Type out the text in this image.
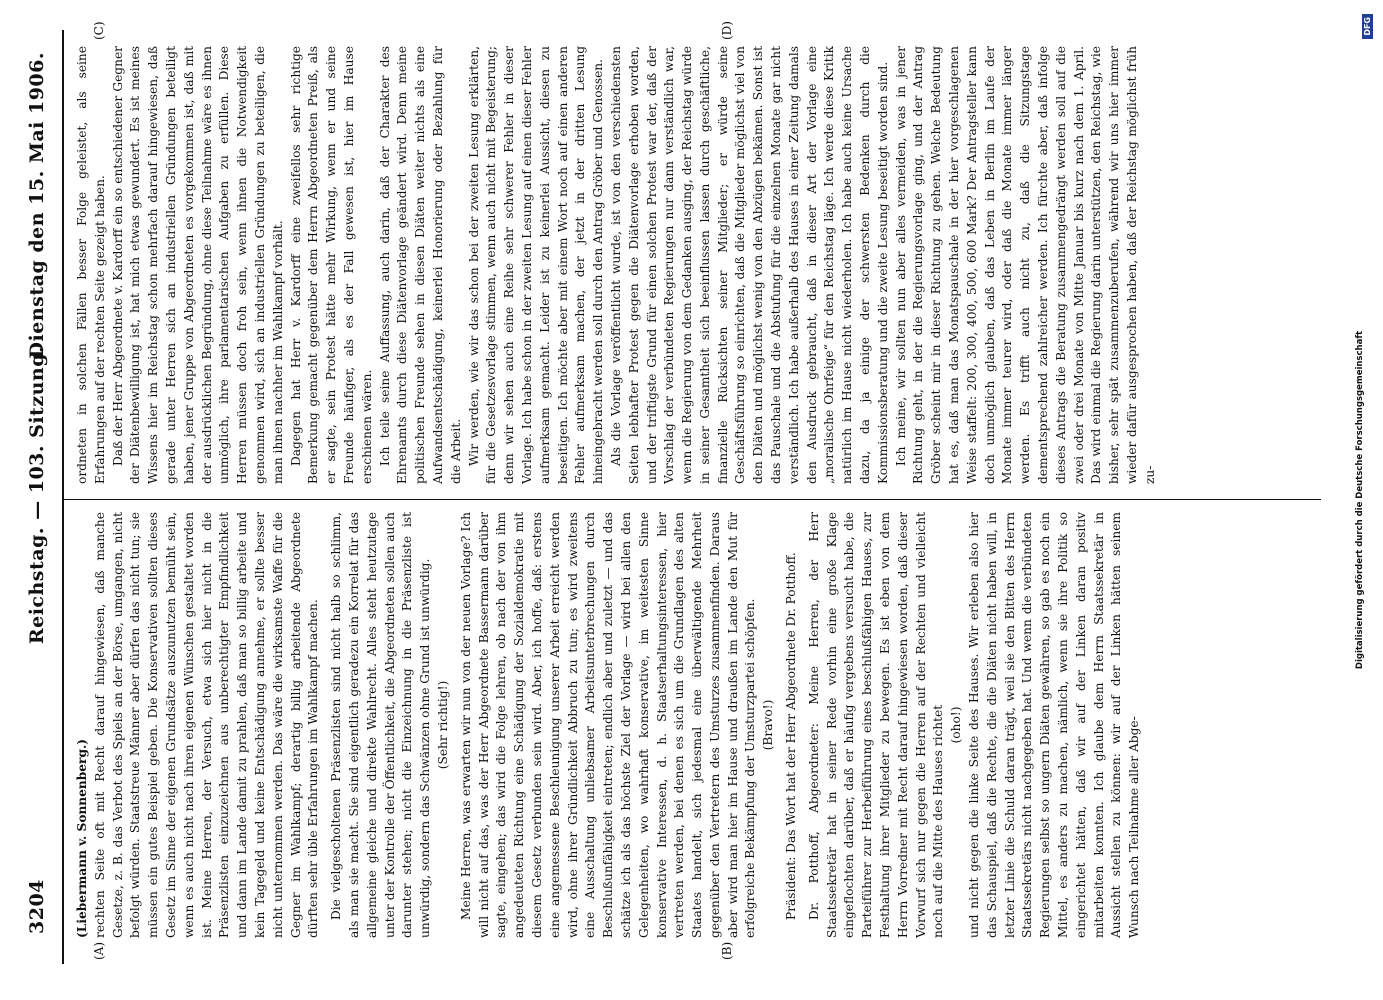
3204
Reichstag. — 103. Sitzung.
Dienstag den 15. Mai 1906.
(A)	(B)
(C)	(D)

(Liebermann v. Sonnenberg.) rechten Seite oft mit Recht darauf hingewiesen, daß manche Gesetze, z. B. das Verbot des Spiels an der Börse, umgangen, nicht befolgt würden. Staatstreue Männer aber dürfen das nicht tun; sie müssen ein gutes Beispiel geben. Die Konservativen sollten dieses Gesetz im Sinne der eigenen Grundsätze auszunutzen bemüht sein, wenn es auch nicht nach ihren eigenen Wünschen gestaltet worden ist. Meine Herren, der Versuch, etwa sich hier nicht in die Präsenzlisten einzuzeichnen aus unberechtigter Empfindlichkeit und dann im Lande damit zu prahlen, daß man so billig arbeite und kein Tagegeld und keine Entschädigung annehme, er sollte besser nicht unternommen werden. Das wäre die wirksamste Waffe für die Gegner im Wahlkampf; derartig billig arbeitende Abgeordnete dürften sehr üble Erfahrungen im Wahlkampf machen. Die vielgescholtenen Präsenzlisten sind nicht halb so schlimm, als man sie macht. Sie sind eigentlich geradezu ein Korrelat für das allgemeine gleiche und direkte Wahlrecht. Alles steht heutzutage unter der Kontrolle der Öffentlichkeit, die Abgeordneten sollen auch darunter stehen; nicht die Einzeichnung in die Präsenzliste ist unwürdig, sondern das Schwänzen ohne Grund ist unwürdig. (Sehr richtig!) Meine Herren, was erwarten wir nun von der neuen Vorlage? Ich will nicht auf das, was der Herr Abgeordnete Bassermann darüber sagte, eingehen; das wird die Folge lehren, ob nach der von ihm angedeuteten Richtung eine Schädigung der Sozialdemokratie mit diesem Gesetz verbunden sein wird. Aber, ich hoffe, daß: erstens eine angemessene Beschleunigung unserer Arbeit erreicht werden wird, ohne ihrer Gründlichkeit Abbruch zu tun; es wird zweitens eine Ausschaltung unliebsamer Arbeitsunterbrechungen durch Beschlußunfähigkeit eintreten; endlich aber und zuletzt — und das schätze ich als das höchste Ziel der Vorlage — wird bei allen den Gelegenheiten, wo wahrhaft konservative, im weitesten Sinne konservative Interessen, d. h. Staatserhaltungsinteressen, hier vertreten werden, bei denen es sich um die Grundlagen des alten Staates handelt, sich jedesmal eine überwältigende Mehrheit gegenüber den Vertretern des Umsturzes zusammenfinden. Daraus aber wird man hier im Hause und draußen im Lande den Mut für erfolgreiche Bekämpfung der Umsturzpartei schöpfen. (Bravo!) Präsident: Das Wort hat der Herr Abgeordnete Dr. Potthoff. Dr. Potthoff, Abgeordneter: Meine Herren, der Herr Staatssekretär hat in seiner Rede vorhin eine große Klage eingeflochten darüber, daß er häufig vergebens versucht habe, die Parteiführer zur Herbeiführung eines beschlußfähigen Hauses, zur Festhaltung ihrer Mitglieder zu bewegen. Es ist eben von dem Herrn Vorredner mit Recht darauf hingewiesen worden, daß dieser Vorwurf sich nur gegen die Herren auf der Rechten und vielleicht noch auf die Mitte des Hauses richtet (oho!) und nicht gegen die linke Seite des Hauses. Wir erleben also hier das Schauspiel, daß die Rechte, die die Diäten nicht haben will, in letzter Linie die Schuld daran trägt, weil sie den Bitten des Herrn Staatssekretärs nicht nachgegeben hat. Und wenn die verbündeten Regierungen selbst so ungern Diäten gewähren, so gab es noch ein Mittel, es anders zu machen, nämlich, wenn sie ihre Politik so eingerichtet hätten, daß wir auf der Linken daran positiv mitarbeiten konnten. Ich glaube dem Herrn Staatssekretär in Aussicht stellen zu können: wir auf der Linken hätten seinem Wunsch nach Teilnahme aller Abge-

ordneten in solchen Fällen besser Folge geleistet, als seine Erfahrungen auf der rechten Seite gezeigt haben. Daß der Herr Abgeordnete v. Kardorff ein so entschiedener Gegner der Diätenbewilligung ist, hat mich etwas gewundert. Es ist meines Wissens hier im Reichstag schon mehrfach darauf hingewiesen, daß gerade unter Herren sich an industriellen Gründungen beteiligt haben, jener Gruppe von Abgeordneten es vorgekommen ist, daß mit der ausdrücklichen Begründung, ohne diese Teilnahme wäre es ihnen unmöglich, ihre parlamentarischen Aufgaben zu erfüllen. Diese Herren müssen doch froh sein, wenn ihnen die Notwendigkeit genommen wird, sich an industriellen Gründungen zu beteiligen, die man ihnen nachher im Wahlkampf vorhält. Dagegen hat Herr v. Kardorff eine zweifellos sehr richtige Bemerkung gemacht gegenüber dem Herrn Abgeordneten Preiß, als er sagte, sein Protest hätte mehr Wirkung, wenn er und seine Freunde häufiger, als es der Fall gewesen ist, hier im Hause erschienen wären. Ich teile seine Auffassung, auch darin, daß der Charakter des Ehrenamts durch diese Diätenvorlage geändert wird. Denn meine politischen Freunde sehen in diesen Diäten weiter nichts als eine Aufwandsentschädigung, keinerlei Honorierung oder Bezahlung für die Arbeit. Wir werden, wie wir das schon bei der zweiten Lesung erklärten, für die Gesetzesvorlage stimmen, wenn auch nicht mit Begeisterung; denn wir sehen auch eine Reihe sehr schwerer Fehler in dieser Vorlage. Ich habe schon in der zweiten Lesung auf einen dieser Fehler aufmerksam gemacht. Leider ist zu keinerlei Aussicht, diesen zu beseitigen. Ich möchte aber mit einem Wort noch auf einen anderen Fehler aufmerksam machen, der jetzt in der dritten Lesung hineingebracht werden soll durch den Antrag Gröber und Genossen. Als die Vorlage veröffentlicht wurde, ist von den verschiedensten Seiten lebhafter Protest gegen die Diätenvorlage erhoben worden, und der triftigste Grund für einen solchen Protest war der, daß der Vorschlag der verbündeten Regierungen nur dann verständlich war, wenn die Regierung von dem Gedanken ausging, der Reichstag würde in seiner Gesamtheit sich beeinflussen lassen durch geschäftliche, finanzielle Rücksichten seiner Mitglieder; er würde seine Geschäftsführung so einrichten, daß die Mitglieder möglichst viel von den Diäten und möglichst wenig von den Abzügen bekämen. Sonst ist das Pauschale und die Abstufung für die einzelnen Monate gar nicht verständlich. Ich habe außerhalb des Hauses in einer Zeitung damals den Ausdruck gebraucht, daß in dieser Art der Vorlage eine „moralische Ohrfeige“ für den Reichstag läge. Ich werde diese Kritik natürlich im Hause nicht wiederholen. Ich habe auch keine Ursache dazu, da ja einige der schwersten Bedenken durch die Kommissionsberatung und die zweite Lesung beseitigt worden sind. Ich meine, wir sollten nun aber alles vermeiden, was in jener Richtung geht, in der die Regierungsvorlage ging, und der Antrag Gröber scheint mir in dieser Richtung zu gehen. Welche Bedeutung hat es, daß man das Monatspauschale in der hier vorgeschlagenen Weise staffelt: 200, 300, 400, 500, 600 Mark? Der Antragsteller kann doch unmöglich glauben, daß das Leben in Berlin im Laufe der Monate immer teurer wird, oder daß die Monate immer länger werden. Es trifft auch nicht zu, daß die Sitzungstage dementsprechend zahlreicher werden. Ich fürchte aber, daß infolge dieses Antrags die Beratung zusammengedrängt werden soll auf die zwei oder drei Monate von Mitte Januar bis kurz nach dem 1. April. Das wird einmal die Regierung darin unterstützen, den Reichstag, wie bisher, sehr spät zusammenzuberufen, während wir uns hier immer wieder dafür ausgesprochen haben, daß der Reichstag möglichst früh zu-	Digitalisierung gefördert durch die Deutsche Forschungsgemeinschaft
DFG
